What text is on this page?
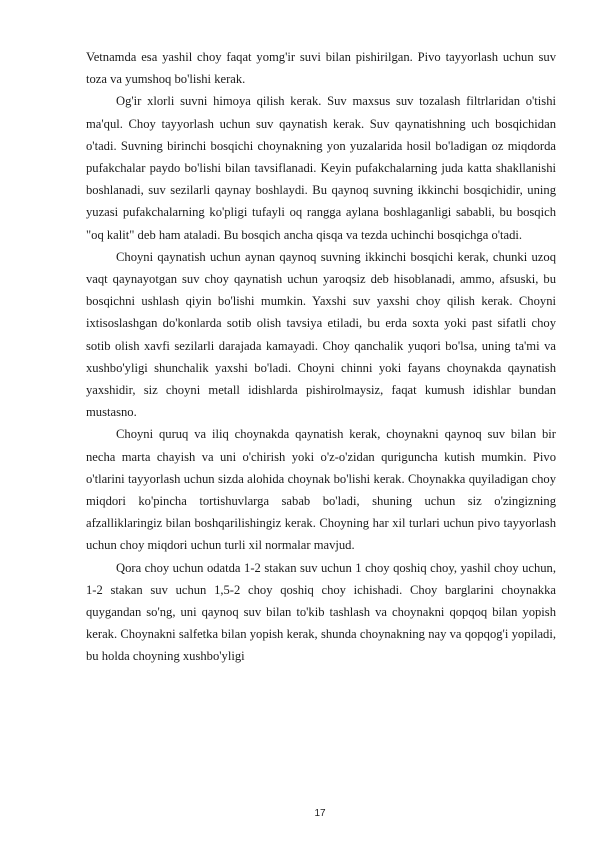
Vetnamda esa yashil choy faqat yomg'ir suvi bilan pishirilgan. Pivo tayyorlash uchun suv toza va yumshoq bo'lishi kerak.

Og'ir xlorli suvni himoya qilish kerak. Suv maxsus suv tozalash filtrlaridan o'tishi ma'qul. Choy tayyorlash uchun suv qaynatish kerak. Suv qaynatishning uch bosqichidan o'tadi. Suvning birinchi bosqichi choynakning yon yuzalarida hosil bo'ladigan oz miqdorda pufakchalar paydo bo'lishi bilan tavsiflanadi. Keyin pufakchalarning juda katta shakllanishi boshlanadi, suv sezilarli qaynay boshlaydi. Bu qaynoq suvning ikkinchi bosqichidir, uning yuzasi pufakchalarning ko'pligi tufayli oq rangga aylana boshlaganligi sababli, bu bosqich "oq kalit" deb ham ataladi. Bu bosqich ancha qisqa va tezda uchinchi bosqichga o'tadi.

Choyni qaynatish uchun aynan qaynoq suvning ikkinchi bosqichi kerak, chunki uzoq vaqt qaynayotgan suv choy qaynatish uchun yaroqsiz deb hisoblanadi, ammo, afsuski, bu bosqichni ushlash qiyin bo'lishi mumkin. Yaxshi suv yaxshi choy qilish kerak. Choyni ixtisoslashgan do'konlarda sotib olish tavsiya etiladi, bu erda soxta yoki past sifatli choy sotib olish xavfi sezilarli darajada kamayadi. Choy qanchalik yuqori bo'lsa, uning ta'mi va xushbo'yligi shunchalik yaxshi bo'ladi. Choyni chinni yoki fayans choynakda qaynatish yaxshidir, siz choyni metall idishlarda pishirolmaysiz, faqat kumush idishlar bundan mustasno.

Choyni quruq va iliq choynakda qaynatish kerak, choynakni qaynoq suv bilan bir necha marta chayish va uni o'chirish yoki o'z-o'zidan quriguncha kutish mumkin. Pivo o'tlarini tayyorlash uchun sizda alohida choynak bo'lishi kerak. Choynakka quyiladigan choy miqdori ko'pincha tortishuvlarga sabab bo'ladi, shuning uchun siz o'zingizning afzalliklaringiz bilan boshqarilishingiz kerak. Choyning har xil turlari uchun pivo tayyorlash uchun choy miqdori uchun turli xil normalar mavjud.

Qora choy uchun odatda 1-2 stakan suv uchun 1 choy qoshiq choy, yashil choy uchun, 1-2 stakan suv uchun 1,5-2 choy qoshiq choy ichishadi. Choy barglarini choynakka quygandan so'ng, uni qaynoq suv bilan to'kib tashlash va choynakni qopqoq bilan yopish kerak. Choynakni salfetka bilan yopish kerak, shunda choynakning nay va qopqog'i yopiladi, bu holda choyning xushbo'yligi

17
